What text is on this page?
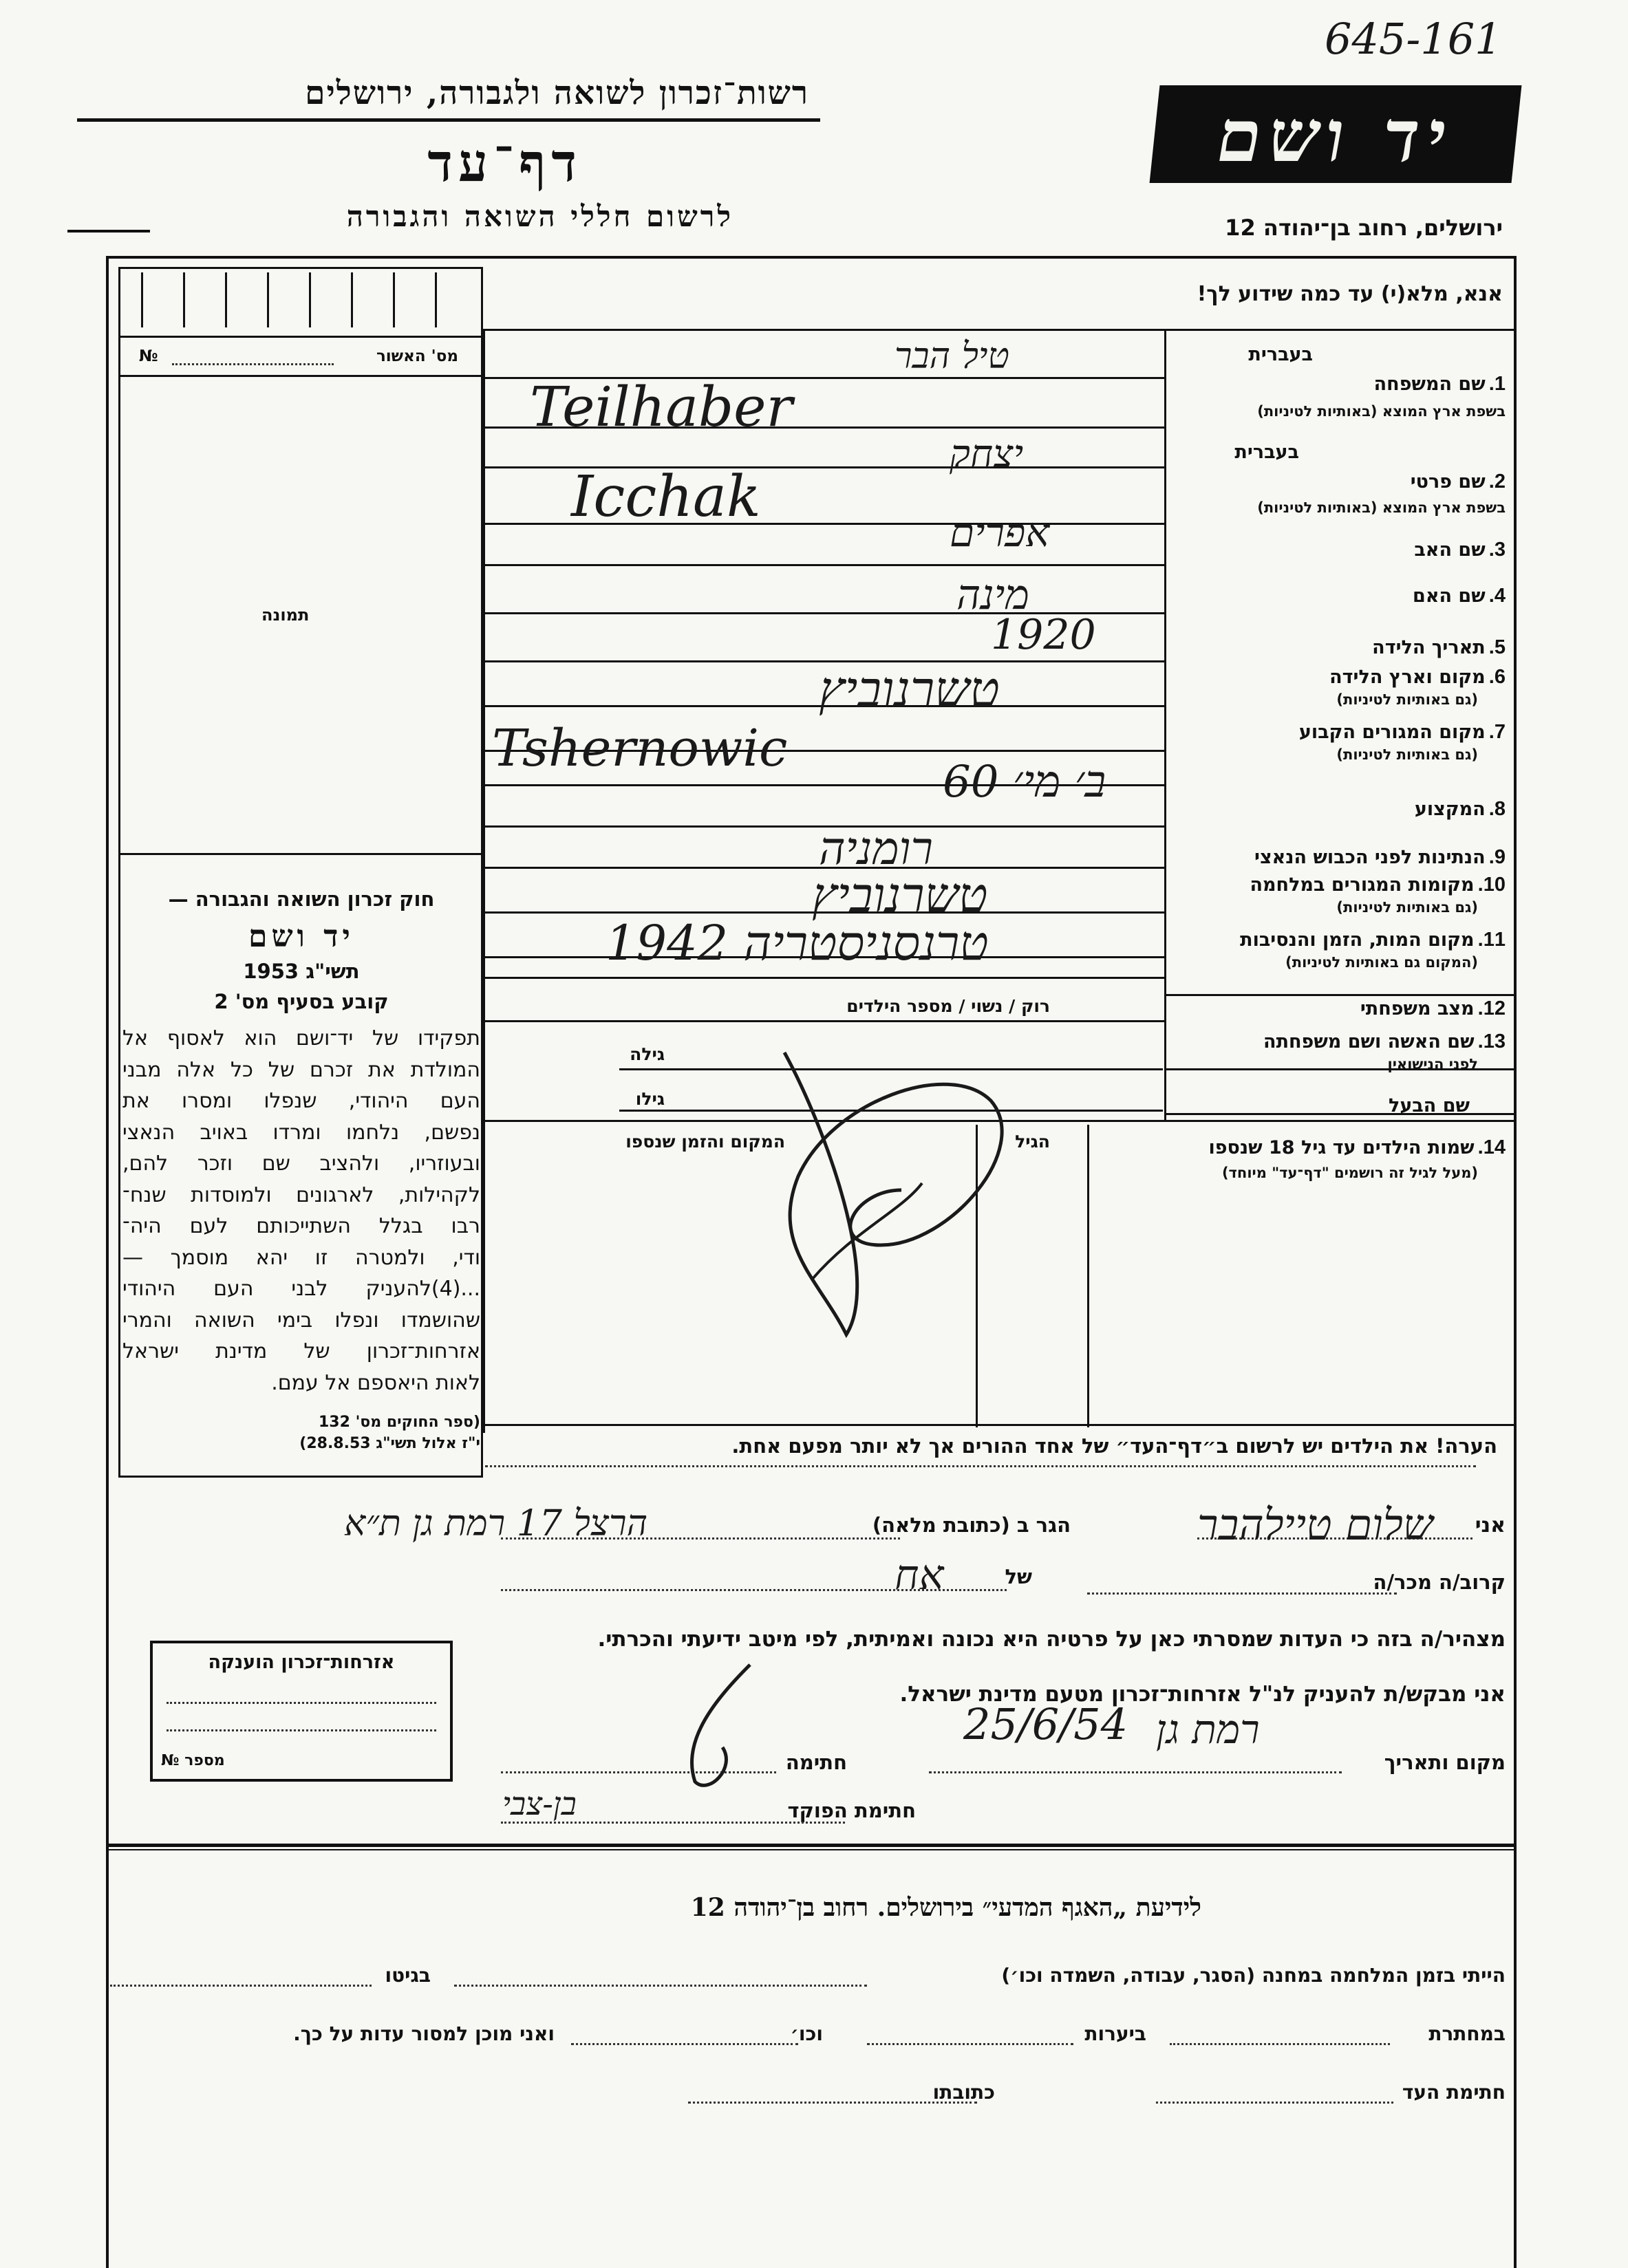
645-161
רשות־זכרון לשואה ולגבורה, ירושלים
דף־עד
לרשום חללי השואה והגבורה
יד ושם
ירושלים, רחוב בן־יהודה 12
מס' האשור
№
תמונה
חוק זכרון השואה והגבורה —
יד ושם
תשי"ג 1953
קובע בסעיף מס' 2
תפקידו של יד־ושם הוא לאסוף אל
המולדת את זכרם של כל אלה מבני
העם היהודי, שנפלו ומסרו את
נפשם, נלחמו ומרדו באויב הנאצי
ובעוזריו, ולהציב שם וזכר להם,
לקהילות, לארגונים ולמוסדות שנח־
רבו בגלל השתייכותם לעם היה־
ודי, ולמטרה זו יהא מוסמך —
...(4)להעניק לבני העם היהודי
שהושמדו ונפלו בימי השואה והמרי
אזרחות־זכרון של מדינת ישראל
לאות היאספם אל עמם.
(ספר החוקים מס' 132
י"ז אלול תשי"ג 28.8.53)
אנא, מלא(י) עד כמה שידוע לך!
בעברית
1. שם המשפחה
בשפת ארץ המוצא (באותיות לטיניות)
בעברית
2. שם פרטי
בשפת ארץ המוצא (באותיות לטיניות)
3. שם האב
4. שם האם
5. תאריך הלידה
6. מקום וארץ הלידה
(גם באותיות לטיניות)
7. מקום המגורים הקבוע
(גם באותיות לטיניות)
8. המקצוע
9. הנתינות לפני הכבוש הנאצי
10. מקומות המגורים במלחמה
(גם באותיות לטיניות)
11. מקום המות, הזמן והנסיבות
(המקום גם באותיות לטיניות)
12. מצב משפחתי
13. שם האשה ושם משפחתה
לפני הנישואין
שם הבעל
רוק / נשוי / מספר הילדים
גילה
גילו
המקום והזמן שנספו	הגיל	14. שמות הילדים עד גיל 18 שנספו
(מעל לגיל זה רושמים "דף־עד" מיוחד)
הערה! את הילדים יש לרשום ב״דף־העד״ של אחד ההורים אך לא יותר מפעם אחת.
אני
הגר ב (כתובת מלאה)
קרוב/ה מכר/ה
של
מצהיר/ה בזה כי העדות שמסרתי כאן על פרטיה היא נכונה ואמיתית, לפי מיטב ידיעתי והכרתי.
אני מבקש/ת להעניק לנ"ל אזרחות־זכרון מטעם מדינת ישראל.
מקום ותאריך
חתימה
חתימת הפוקד
אזרחות־זכרון הוענקה
מספר №
לידיעת „האגף המדעי״ בירושלים. רחוב בן־יהודה 12
הייתי בזמן המלחמה במחנה (הסגר, עבודה, השמדה וכו׳)
בגיטו
במחתרת
ביערות
וכו׳
ואני מוכן למסור עדות על כך.
חתימת העד
כתובתו
טיל הבר
Teilhaber
יצחק
Icchak
אפרים
מינה
1920
טשרנוביץ
Tshernowic
ב׳ מי׳ 60
רומניה
טשרנוביץ
טרנסניסטריה 1942
שלום טיילהבר
הרצל 17 רמת גן ת״א
אח
25/6/54 רמת גן
בן-צבי
